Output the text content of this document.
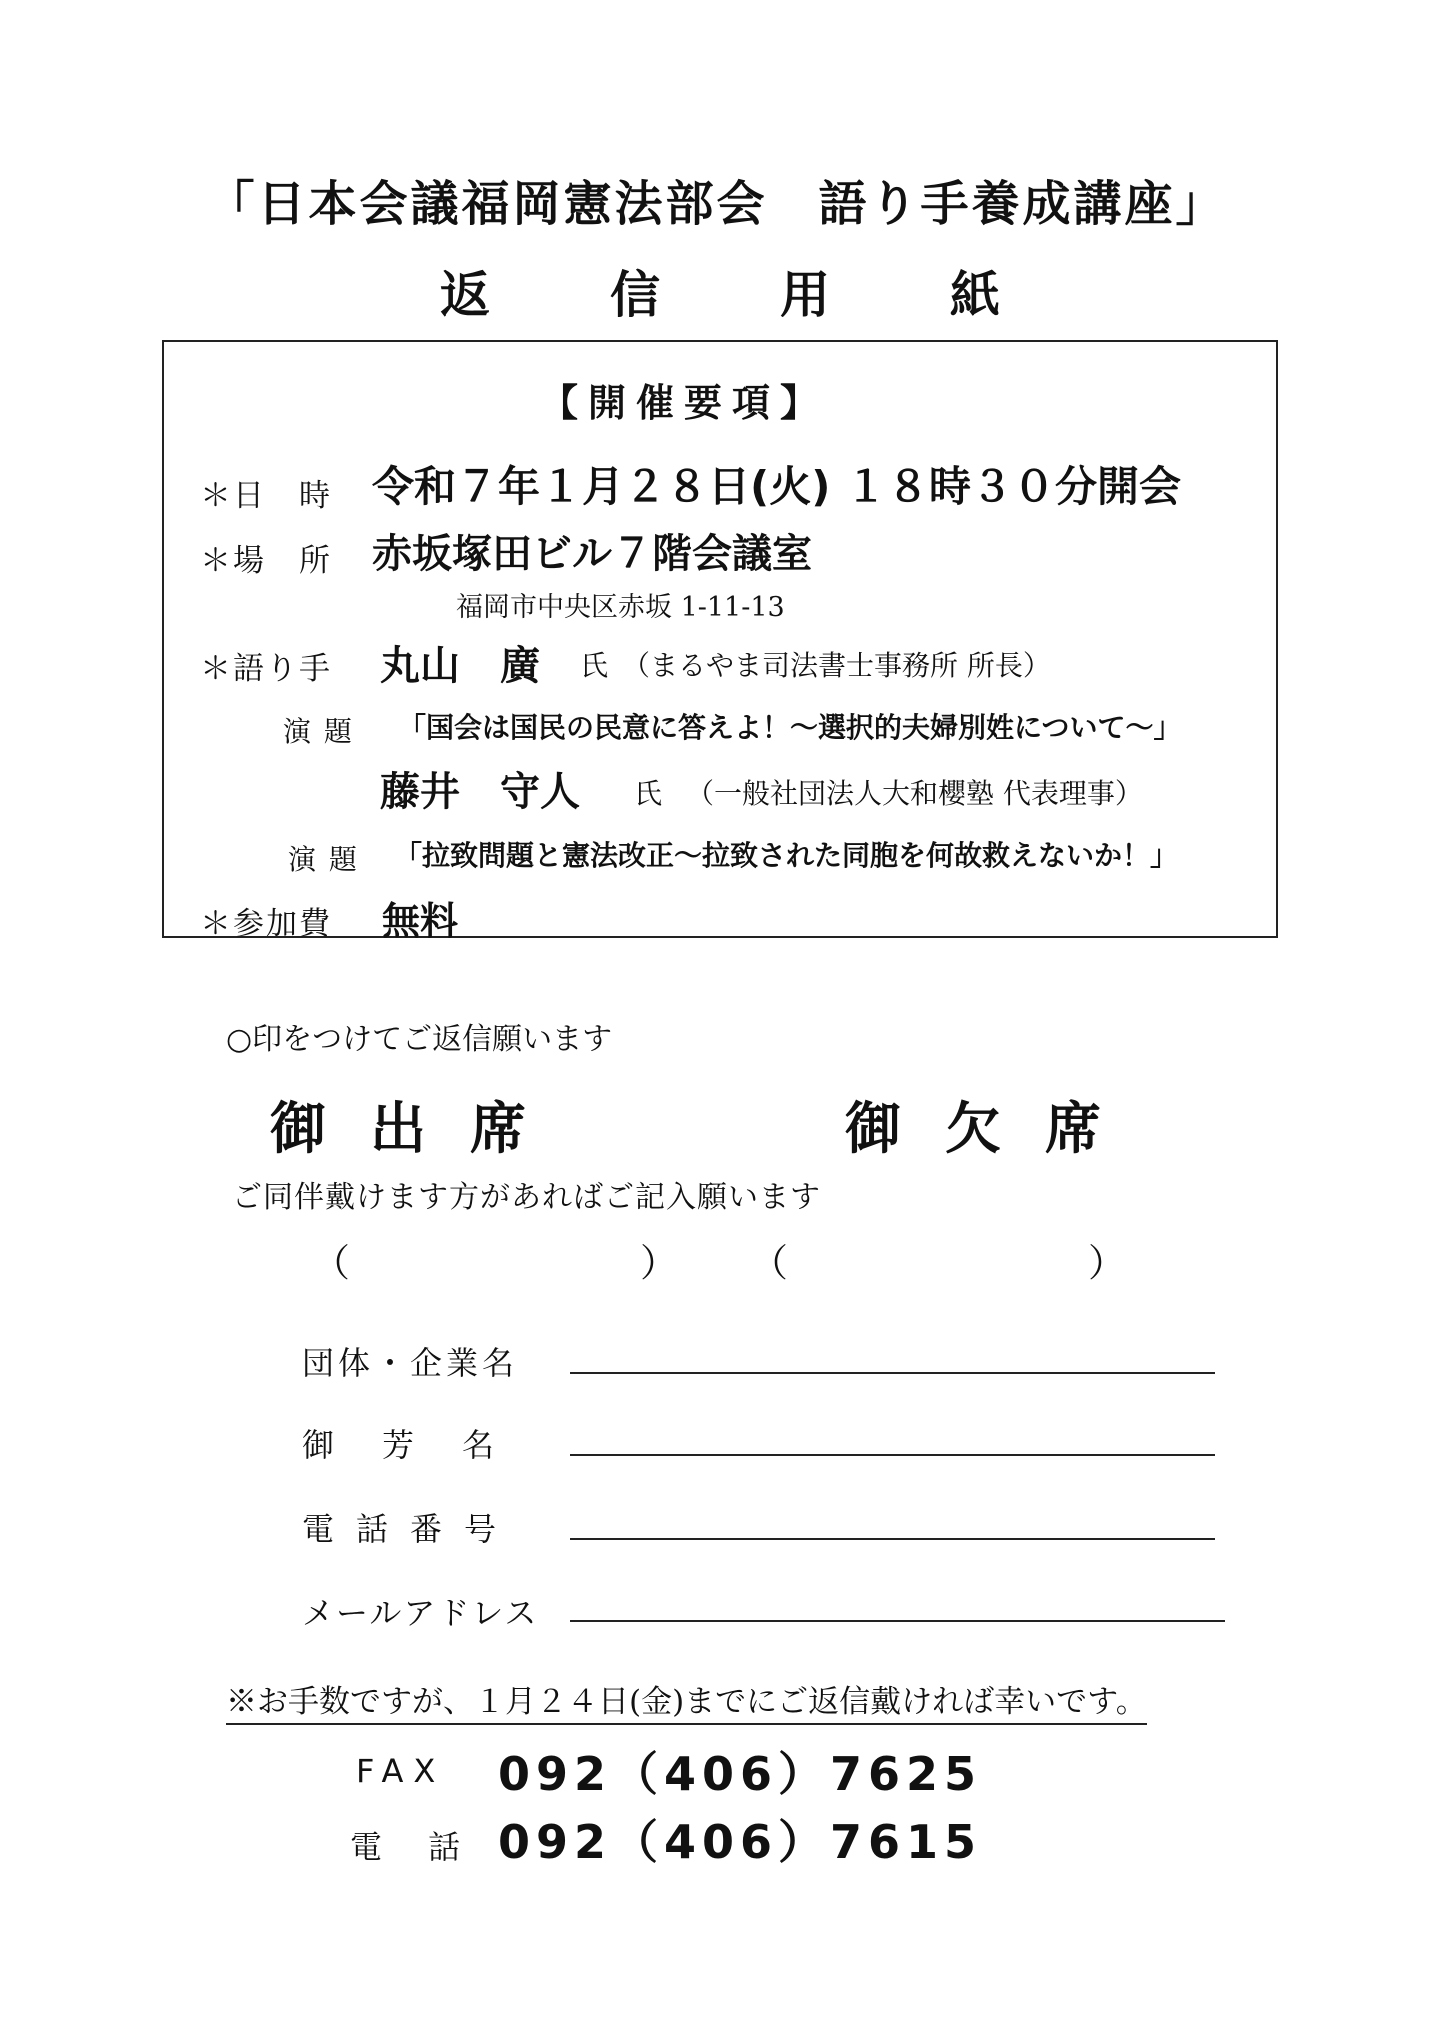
「日本会議福岡憲法部会　語り手養成講座」
返 信 用 紙
【開催要項】
＊日　時 令和７年１月２８日(火) １８時３０分開会
＊場　所 赤坂塚田ビル７階会議室
福岡市中央区赤坂 1-11-13
＊語り手 丸山　廣 氏 （まるやま司法書士事務所 所長）
演 題 「国会は国民の民意に答えよ！～選択的夫婦別姓について～」
藤井　守人 氏 （一般社団法人大和櫻塾 代表理事）
演 題 「拉致問題と憲法改正～拉致された同胞を何故救えないか！」
＊参加費 無料
○印をつけてご返信願います
御出席	御欠席
ご同伴戴けます方があればご記入願います
（	） （	）
団体・企業名
御芳名
電話番号
メールアドレス
※お手数ですが、１月２４日(金)までにご返信戴ければ幸いです。
FAX 092（406）7625
電 話 092（406）7615
